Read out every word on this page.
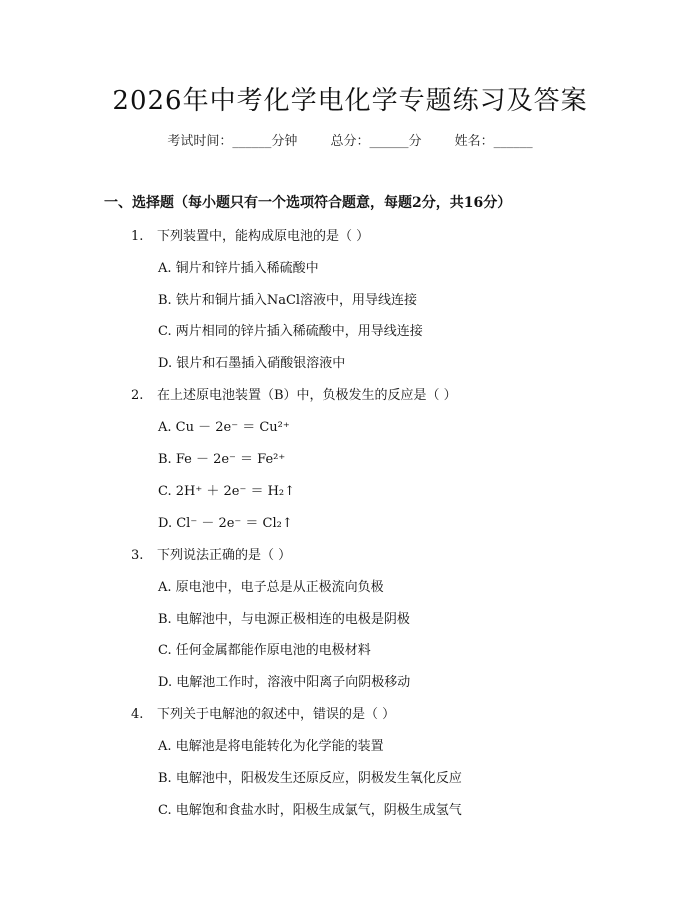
2026年中考化学电化学专题练习及答案
考试时间：______分钟	总分：______分	姓名：______
一、选择题（每小题只有一个选项符合题意，每题2分，共16分）
1. 下列装置中，能构成原电池的是（ ）
A. 铜片和锌片插入稀硫酸中
B. 铁片和铜片插入NaCl溶液中，用导线连接
C. 两片相同的锌片插入稀硫酸中，用导线连接
D. 银片和石墨插入硝酸银溶液中
2. 在上述原电池装置（B）中，负极发生的反应是（ ）
A. Cu － 2e⁻ ＝ Cu²⁺
B. Fe － 2e⁻ ＝ Fe²⁺
C. 2H⁺ ＋ 2e⁻ ＝ H₂↑
D. Cl⁻ － 2e⁻ ＝ Cl₂↑
3. 下列说法正确的是（ ）
A. 原电池中，电子总是从正极流向负极
B. 电解池中，与电源正极相连的电极是阴极
C. 任何金属都能作原电池的电极材料
D. 电解池工作时，溶液中阳离子向阴极移动
4. 下列关于电解池的叙述中，错误的是（ ）
A. 电解池是将电能转化为化学能的装置
B. 电解池中，阳极发生还原反应，阴极发生氧化反应
C. 电解饱和食盐水时，阳极生成氯气，阴极生成氢气
